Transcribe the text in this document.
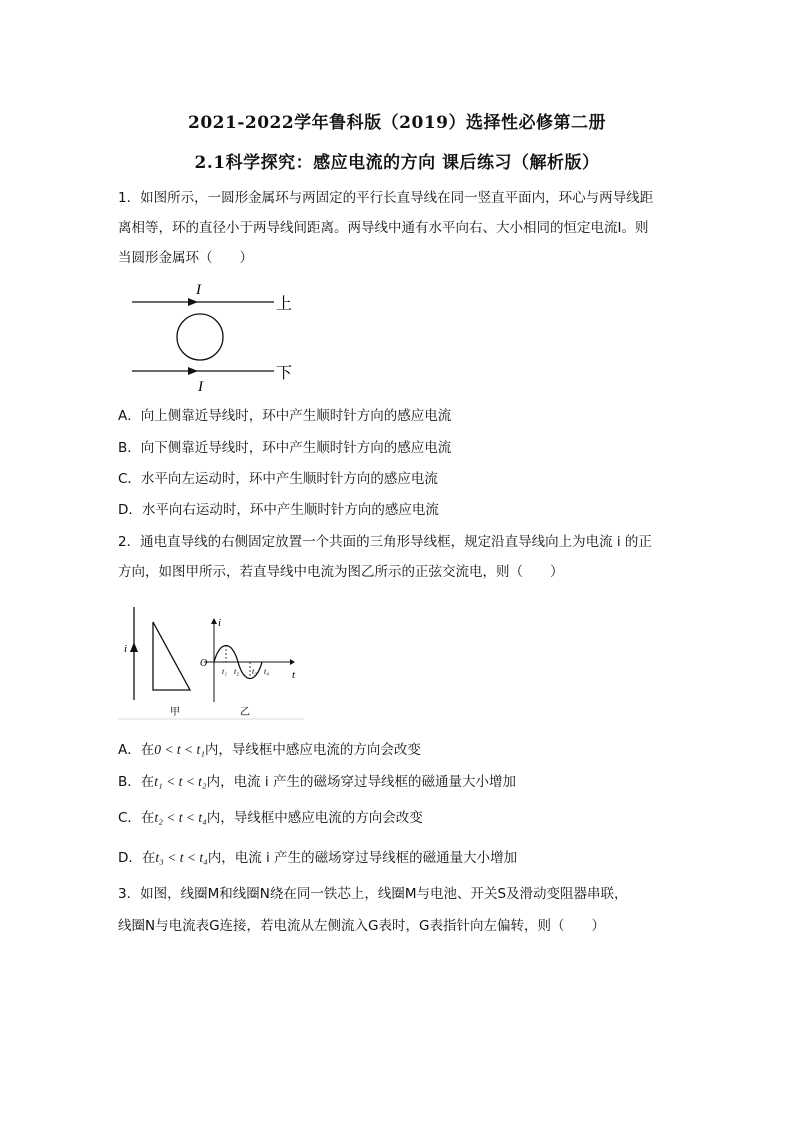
2021-2022学年鲁科版（2019）选择性必修第二册
2.1科学探究：感应电流的方向 课后练习（解析版）
1．如图所示，一圆形金属环与两固定的平行长直导线在同一竖直平面内，环心与两导线距
离相等，环的直径小于两导线间距离。两导线中通有水平向右、大小相同的恒定电流I。则
当圆形金属环（　　）
I
上
I
下
A．向上侧靠近导线时，环中产生顺时针方向的感应电流
B．向下侧靠近导线时，环中产生顺时针方向的感应电流
C．水平向左运动时，环中产生顺时针方向的感应电流
D．水平向右运动时，环中产生顺时针方向的感应电流
2．通电直导线的右侧固定放置一个共面的三角形导线框，规定沿直导线向上为电流 i 的正
方向，如图甲所示，若直导线中电流为图乙所示的正弦交流电，则（　　）
i
i
t
O
t₁ t₂ t₃ t₄
甲	乙
A．在0 < t < t₁内，导线框中感应电流的方向会改变
B．在t₁ < t < t₂内，电流 i 产生的磁场穿过导线框的磁通量大小增加
C．在t₂ < t < t₄内，导线框中感应电流的方向会改变
D．在t₃ < t < t₄内，电流 i 产生的磁场穿过导线框的磁通量大小增加
3．如图，线圈M和线圈N绕在同一铁芯上，线圈M与电池、开关S及滑动变阻器串联，
线圈N与电流表G连接，若电流从左侧流入G表时，G表指针向左偏转，则（　　）
